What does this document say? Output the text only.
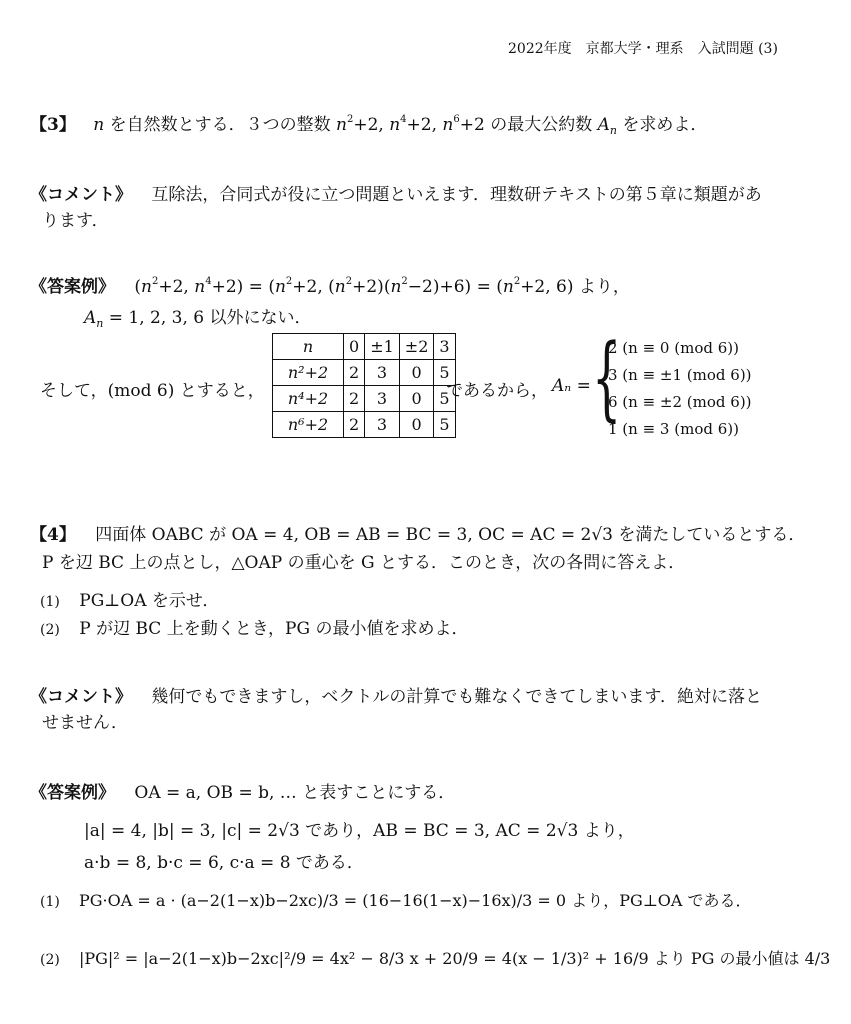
2022年度　京都大学・理系　入試問題 (3)
【3】 n を自然数とする．３つの整数 $n^2+2$, $n^4+2$, $n^6+2$ の最大公約数 $A_n$ を求めよ．
《コメント》 互除法，合同式が役に立つ問題といえます．理数研テキストの第５章に類題があ
ります．
《答案例》 ($n^2+2$, $n^4+2) = (n^2+2$, $(n^2+2)(n^2-2)+6) = (n^2+2$, 6) より，
$A_n = 1$, 2, 3, 6 以外にない．
そして，(mod 6) とすると，
n	0	±1	±2	3
n²+2	2	3	0	5
n⁴+2	2	3	0	5
n⁶+2	2	3	0	5
であるから， Aₙ = {
2 (n ≡ 0 (mod 6))
3 (n ≡ ±1 (mod 6))
6 (n ≡ ±2 (mod 6))
1 (n ≡ 3 (mod 6))
【4】 四面体 OABC が OA = 4, OB = AB = BC = 3, OC = AC = 2√3 を満たしているとする．
P を辺 BC 上の点とし，△OAP の重心を G とする．このとき，次の各問に答えよ．
(1) PG⊥OA を示せ．
(2) P が辺 BC 上を動くとき，PG の最小値を求めよ．
《コメント》 幾何でもできますし，ベクトルの計算でも難なくできてしまいます．絶対に落と
せません．
《答案例》 OA = a, OB = b, … と表すことにする．
|a| = 4, |b| = 3, |c| = 2√3 であり，AB = BC = 3, AC = 2√3 より，
a·b = 8, b·c = 6, c·a = 8 である．
(1) PG·OA = a · (a−2(1−x)b−2xc)/3 = (16−16(1−x)−16x)/3 = 0 より，PG⊥OA である．
(2) |PG|² = |a−2(1−x)b−2xc|²/9 = 4x² − 8/3 x + 20/9 = 4(x − 1/3)² + 16/9 より PG の最小値は 4/3
